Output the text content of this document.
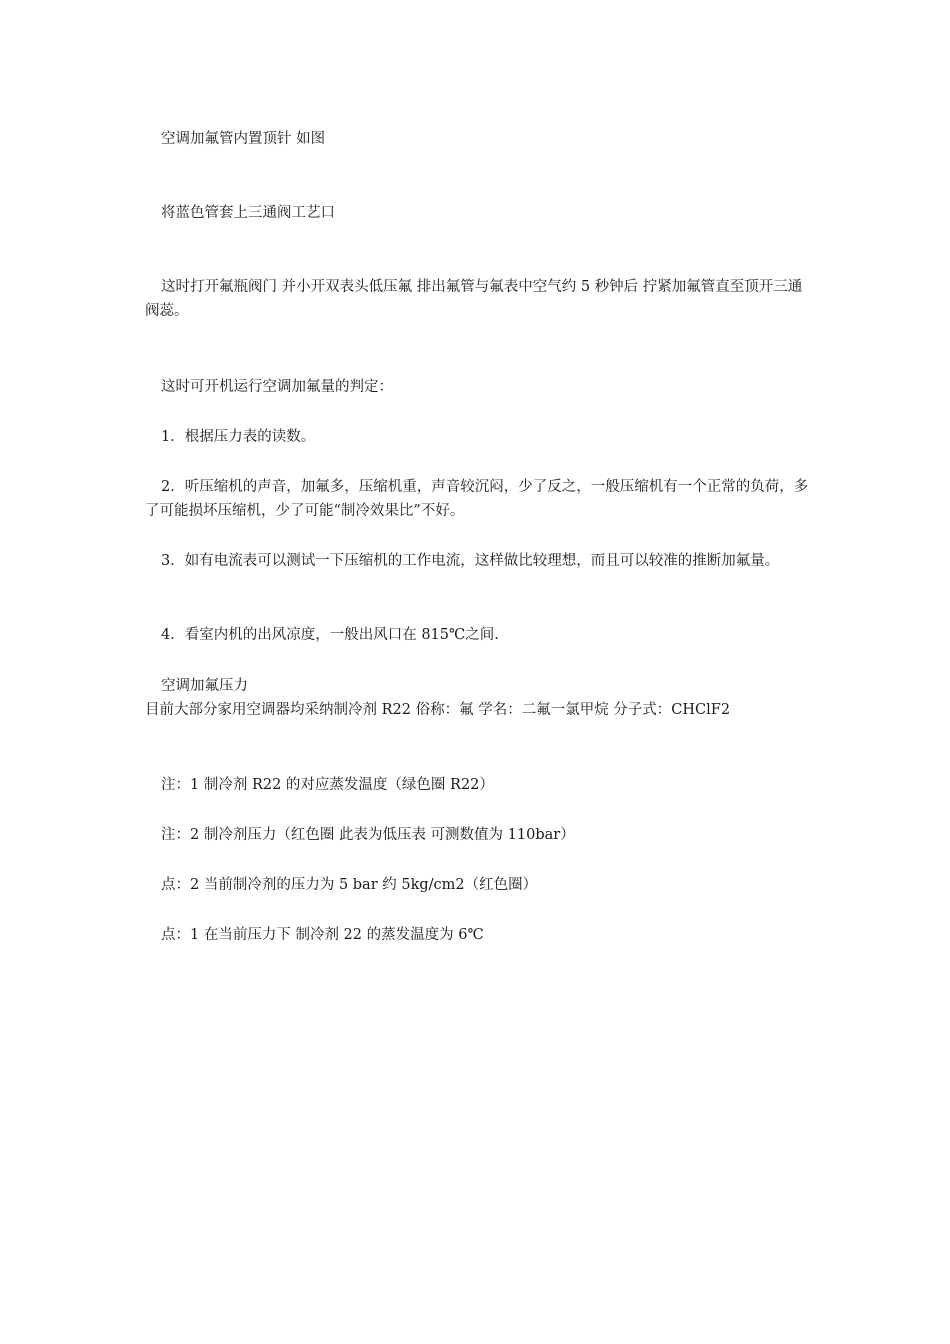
空调加氟管内置顶针 如图

将蓝色管套上三通阀工艺口

这时打开氟瓶阀门 并小开双表头低压氟 排出氟管与氟表中空气约 5 秒钟后 拧紧加氟管直至顶开三通阀蕊。

这时可开机运行空调加氟量的判定：

1．根据压力表的读数。

2．听压缩机的声音，加氟多，压缩机重，声音较沉闷，少了反之，一般压缩机有一个正常的负荷，多了可能损坏压缩机，少了可能“制冷效果比”不好。

3．如有电流表可以测试一下压缩机的工作电流，这样做比较理想，而且可以较准的推断加氟量。

4．看室内机的出风凉度，一般出风口在 815℃之间.

空调加氟压力

目前大部分家用空调器均采纳制冷剂 R22 俗称：氟 学名：二氟一氯甲烷 分子式：CHClF2

注：1 制冷剂 R22 的对应蒸发温度（绿色圈 R22）

注：2 制冷剂压力（红色圈 此表为低压表 可测数值为 110bar）

点：2 当前制冷剂的压力为 5 bar 约 5kg/cm2（红色圈）

点：1 在当前压力下 制冷剂 22 的蒸发温度为 6℃
